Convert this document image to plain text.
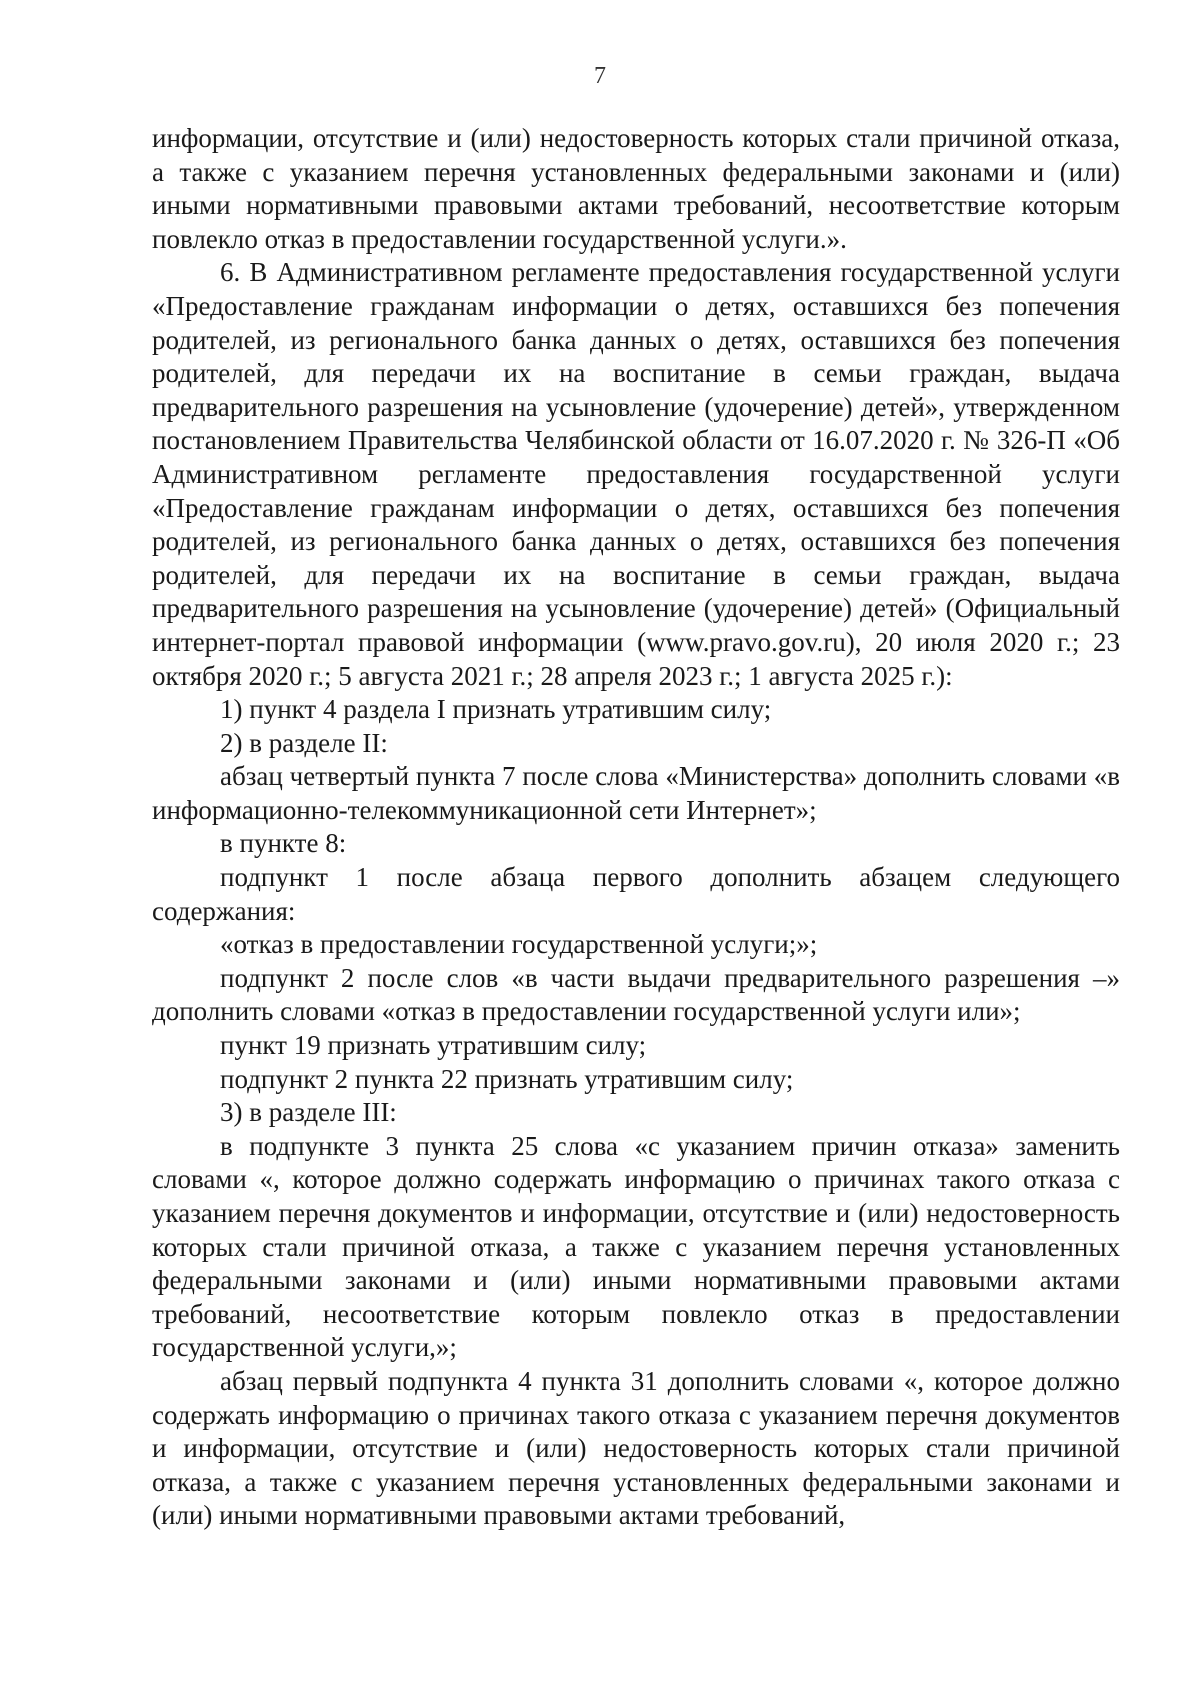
7

информации, отсутствие и (или) недостоверность которых стали причиной отказа, а также с указанием перечня установленных федеральными законами и (или) иными нормативными правовыми актами требований, несоответствие которым повлекло отказ в предоставлении государственной услуги.».

6. В Административном регламенте предоставления государственной услуги «Предоставление гражданам информации о детях, оставшихся без попечения родителей, из регионального банка данных о детях, оставшихся без попечения родителей, для передачи их на воспитание в семьи граждан, выдача предварительного разрешения на усыновление (удочерение) детей», утвержденном постановлением Правительства Челябинской области от 16.07.2020 г. № 326-П «Об Административном регламенте предоставления государственной услуги «Предоставление гражданам информации о детях, оставшихся без попечения родителей, из регионального банка данных о детях, оставшихся без попечения родителей, для передачи их на воспитание в семьи граждан, выдача предварительного разрешения на усыновление (удочерение) детей» (Официальный интернет-портал правовой информации (www.pravo.gov.ru), 20 июля 2020 г.; 23 октября 2020 г.; 5 августа 2021 г.; 28 апреля 2023 г.; 1 августа 2025 г.):

1) пункт 4 раздела I признать утратившим силу;

2) в разделе II:

абзац четвертый пункта 7 после слова «Министерства» дополнить словами «в информационно-телекоммуникационной сети Интернет»;

в пункте 8:

подпункт 1 после абзаца первого дополнить абзацем следующего содержания:

«отказ в предоставлении государственной услуги;»;

подпункт 2 после слов «в части выдачи предварительного разрешения –» дополнить словами «отказ в предоставлении государственной услуги или»;

пункт 19 признать утратившим силу;

подпункт 2 пункта 22 признать утратившим силу;

3) в разделе III:

в подпункте 3 пункта 25 слова «с указанием причин отказа» заменить словами «, которое должно содержать информацию о причинах такого отказа с указанием перечня документов и информации, отсутствие и (или) недостоверность которых стали причиной отказа, а также с указанием перечня установленных федеральными законами и (или) иными нормативными правовыми актами требований, несоответствие которым повлекло отказ в предоставлении государственной услуги,»;

абзац первый подпункта 4 пункта 31 дополнить словами «, которое должно содержать информацию о причинах такого отказа с указанием перечня документов и информации, отсутствие и (или) недостоверность которых стали причиной отказа, а также с указанием перечня установленных федеральными законами и (или) иными нормативными правовыми актами требований,
